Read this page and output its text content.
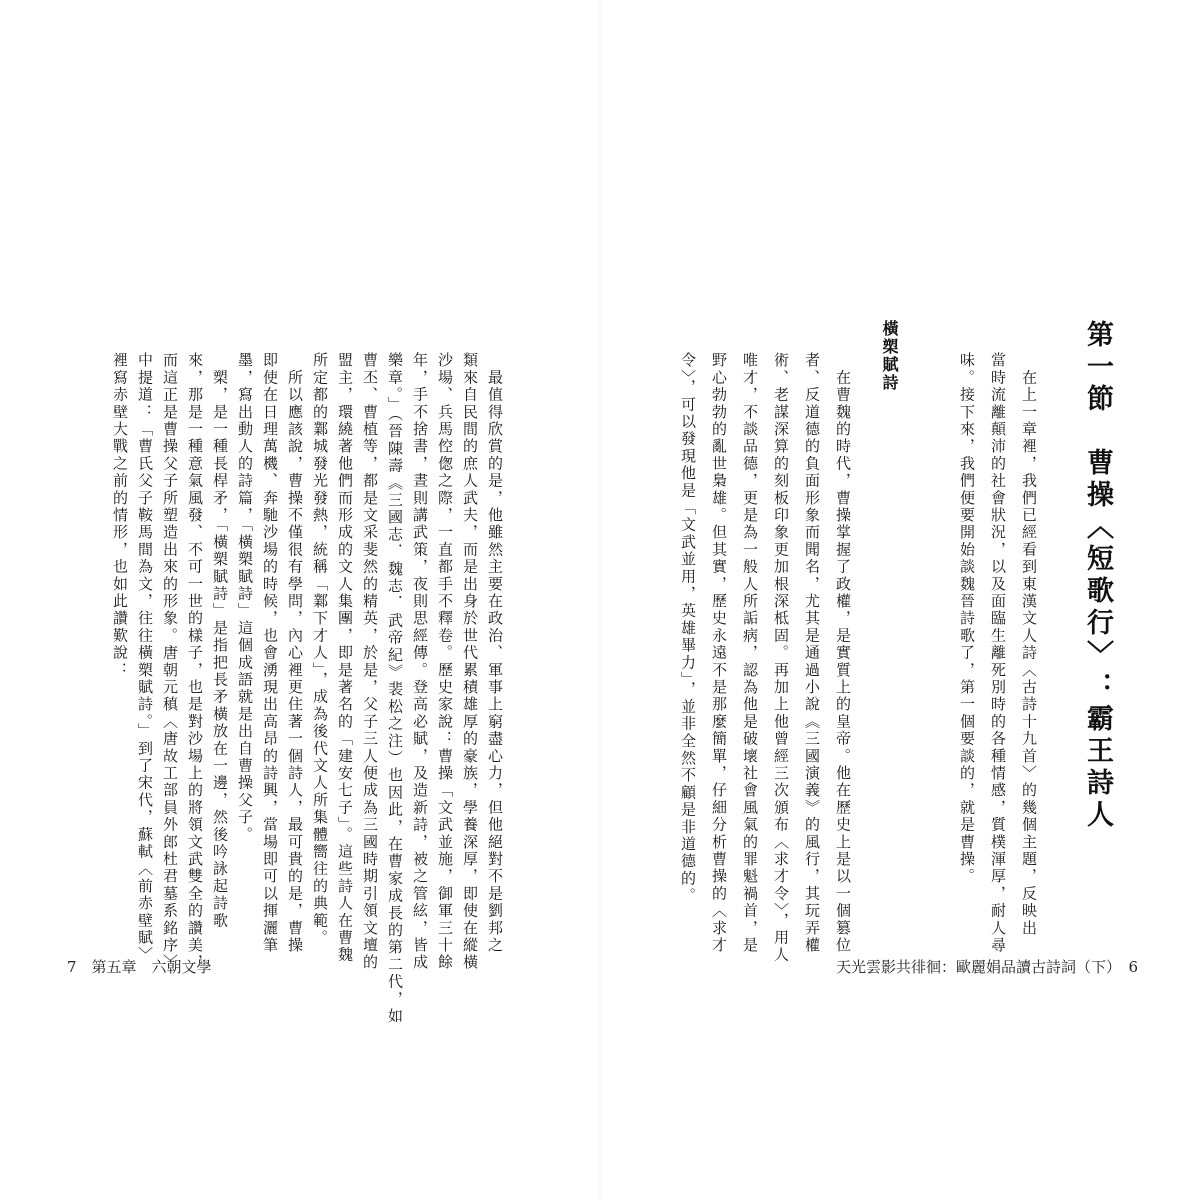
第一節　曹操〈短歌行〉：霸王詩人
　在上一章裡，我們已經看到東漢文人詩〈古詩十九首〉的幾個主題，反映出
當時流離顛沛的社會狀況，以及面臨生離死別時的各種情感，質樸渾厚，耐人尋
味。接下來，我們便要開始談魏晉詩歌了，第一個要談的，就是曹操。
橫槊賦詩
　在曹魏的時代，曹操掌握了政權，是實質上的皇帝。他在歷史上是以一個篡位
者、反道德的負面形象而聞名，尤其是通過小說《三國演義》的風行，其玩弄權
術、老謀深算的刻板印象更加根深柢固。再加上他曾經三次頒布〈求才令〉，用人
唯才，不談品德，更是為一般人所詬病，認為他是破壞社會風氣的罪魁禍首，是
野心勃勃的亂世梟雄。但其實，歷史永遠不是那麼簡單，仔細分析曹操的〈求才
令〉，可以發現他是「文武並用，英雄畢力」，並非全然不顧是非道德的。
天光雲影共徘徊：歐麗娟品讀古詩詞（下）　6
　最值得欣賞的是，他雖然主要在政治、軍事上窮盡心力，但他絕對不是劉邦之
類來自民間的庶人武夫，而是出身於世代累積雄厚的豪族，學養深厚，即使在縱橫
沙場、兵馬倥偬之際，一直都手不釋卷。歷史家說：曹操「文武並施，御軍三十餘
年，手不捨書，晝則講武策，夜則思經傳。登高必賦，及造新詩，被之管絃，皆成
樂章。」（晉陳壽《三國志．魏志．武帝紀》裴松之注）也因此，在曹家成長的第二代，如
曹丕、曹植等，都是文采斐然的精英，於是，父子三人便成為三國時期引領文壇的
盟主，環繞著他們而形成的文人集團，即是著名的「建安七子」。這些詩人在曹魏
所定都的鄴城發光發熱，統稱「鄴下才人」，成為後代文人所集體嚮往的典範。
　所以應該說，曹操不僅很有學問，內心裡更住著一個詩人，最可貴的是，曹操
即使在日理萬機、奔馳沙場的時候，也會湧現出高昂的詩興，當場即可以揮灑筆
墨，寫出動人的詩篇，「橫槊賦詩」這個成語就是出自曹操父子。
　槊，是一種長桿矛，「橫槊賦詩」是指把長矛橫放在一邊，然後吟詠起詩歌
來，那是一種意氣風發、不可一世的樣子，也是對沙場上的將領文武雙全的讚美，
而這正是曹操父子所塑造出來的形象。唐朝元稹〈唐故工部員外郎杜君墓系銘序〉
中提道：「曹氏父子鞍馬間為文，往往橫槊賦詩。」到了宋代，蘇軾〈前赤壁賦〉
裡寫赤壁大戰之前的情形，也如此讚歎說：
7　第五章　六朝文學
